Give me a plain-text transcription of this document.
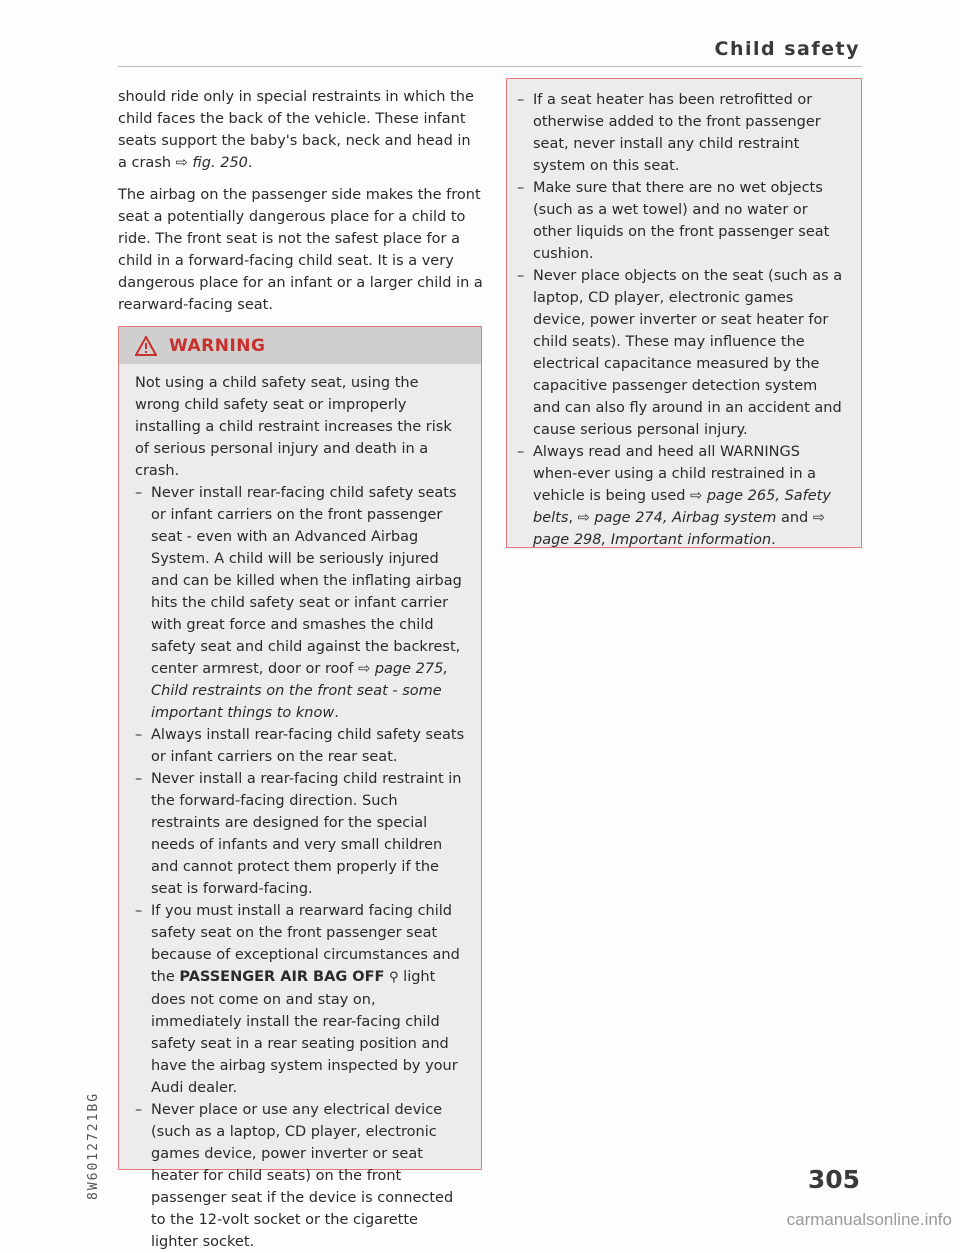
Child safety

should ride only in special restraints in which the child faces the back of the vehicle. These infant seats support the baby's back, neck and head in a crash ⇨ fig. 250.

The airbag on the passenger side makes the front seat a potentially dangerous place for a child to ride. The front seat is not the safest place for a child in a forward-facing child seat. It is a very dangerous place for an infant or a larger child in a rearward-facing seat.

WARNING

Not using a child safety seat, using the wrong child safety seat or improperly installing a child restraint increases the risk of serious personal injury and death in a crash.

– Never install rear-facing child safety seats or infant carriers on the front passenger seat - even with an Advanced Airbag System. A child will be seriously injured and can be killed when the inflating airbag hits the child safety seat or infant carrier with great force and smashes the child safety seat and child against the backrest, center armrest, door or roof ⇨ page 275, Child restraints on the front seat - some important things to know.
– Always install rear-facing child safety seats or infant carriers on the rear seat.
– Never install a rear-facing child restraint in the forward-facing direction. Such restraints are designed for the special needs of infants and very small children and cannot protect them properly if the seat is forward-facing.
– If you must install a rearward facing child safety seat on the front passenger seat because of exceptional circumstances and the PASSENGER AIR BAG OFF ⚲ light does not come on and stay on, immediately install the rear-facing child safety seat in a rear seating position and have the airbag system inspected by your Audi dealer.
– Never place or use any electrical device (such as a laptop, CD player, electronic games device, power inverter or seat heater for child seats) on the front passenger seat if the device is connected to the 12-volt socket or the cigarette lighter socket.
– If a seat heater has been retrofitted or otherwise added to the front passenger seat, never install any child restraint system on this seat.
– Make sure that there are no wet objects (such as a wet towel) and no water or other liquids on the front passenger seat cushion.
– Never place objects on the seat (such as a laptop, CD player, electronic games device, power inverter or seat heater for child seats). These may influence the electrical capacitance measured by the capacitive passenger detection system and can also fly around in an accident and cause serious personal injury.
– Always read and heed all WARNINGS when-ever using a child restrained in a vehicle is being used ⇨ page 265, Safety belts, ⇨ page 274, Airbag system and ⇨ page 298, Important information.
8W6012721BG	305
carmanualsonline.info
